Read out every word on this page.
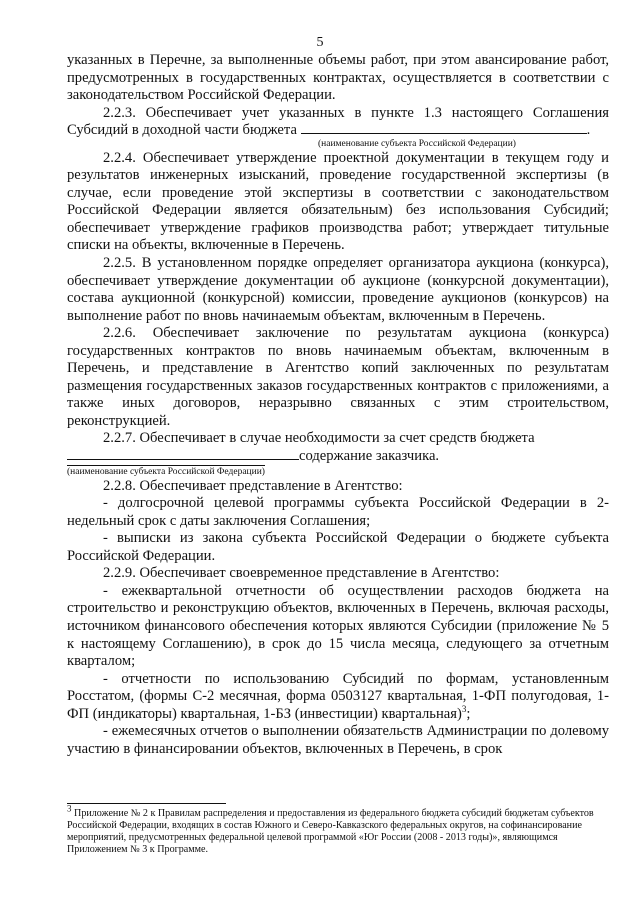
5

указанных в Перечне, за выполненные объемы работ, при этом авансирование работ, предусмотренных в государственных контрактах, осуществляется в соответствии с законодательством Российской Федерации.

2.2.3. Обеспечивает учет указанных в пункте 1.3 настоящего Соглашения Субсидий в доходной части бюджета	.

(наименование субъекта Российской Федерации)

2.2.4. Обеспечивает утверждение проектной документации в текущем году и результатов инженерных изысканий, проведение государственной экспертизы (в случае, если проведение этой экспертизы в соответствии с законодательством Российской Федерации является обязательным) без использования Субсидий; обеспечивает утверждение графиков производства работ; утверждает титульные списки на объекты, включенные в Перечень.

2.2.5. В установленном порядке определяет организатора аукциона (конкурса), обеспечивает утверждение документации об аукционе (конкурсной документации), состава аукционной (конкурсной) комиссии, проведение аукционов (конкурсов) на выполнение работ по вновь начинаемым объектам, включенным в Перечень.

2.2.6. Обеспечивает заключение по результатам аукциона (конкурса) государственных контрактов по вновь начинаемым объектам, включенным в Перечень, и представление в Агентство копий заключенных по результатам размещения государственных заказов государственных контрактов с приложениями, а также иных договоров, неразрывно связанных с этим строительством, реконструкцией.

2.2.7. Обеспечивает в случае необходимости за счет средств бюджета

содержание заказчика.

(наименование субъекта Российской Федерации)

2.2.8. Обеспечивает представление в Агентство:

- долгосрочной целевой программы субъекта Российской Федерации в 2-недельный срок с даты заключения Соглашения;

- выписки из закона субъекта Российской Федерации о бюджете субъекта Российской Федерации.

2.2.9. Обеспечивает своевременное представление в Агентство:

- ежеквартальной отчетности об осуществлении расходов бюджета на строительство и реконструкцию объектов, включенных в Перечень, включая расходы, источником финансового обеспечения которых являются Субсидии (приложение № 5 к настоящему Соглашению), в срок до 15 числа месяца, следующего за отчетным кварталом;

- отчетности по использованию Субсидий по формам, установленным Росстатом, (формы С-2 месячная, форма 0503127 квартальная, 1-ФП полугодовая, 1-ФП (индикаторы) квартальная, 1-БЗ (инвестиции) квартальная)$^3$;

- ежемесячных отчетов о выполнении обязательств Администрации по долевому участию в финансировании объектов, включенных в Перечень, в срок

$^3$ Приложение № 2 к Правилам распределения и предоставления из федерального бюджета субсидий бюджетам субъектов Российской Федерации, входящих в состав Южного и Северо-Кавказского федеральных округов, на софинансирование мероприятий, предусмотренных федеральной целевой программой «Юг России (2008 - 2013 годы)», являющимся Приложением № 3 к Программе.
